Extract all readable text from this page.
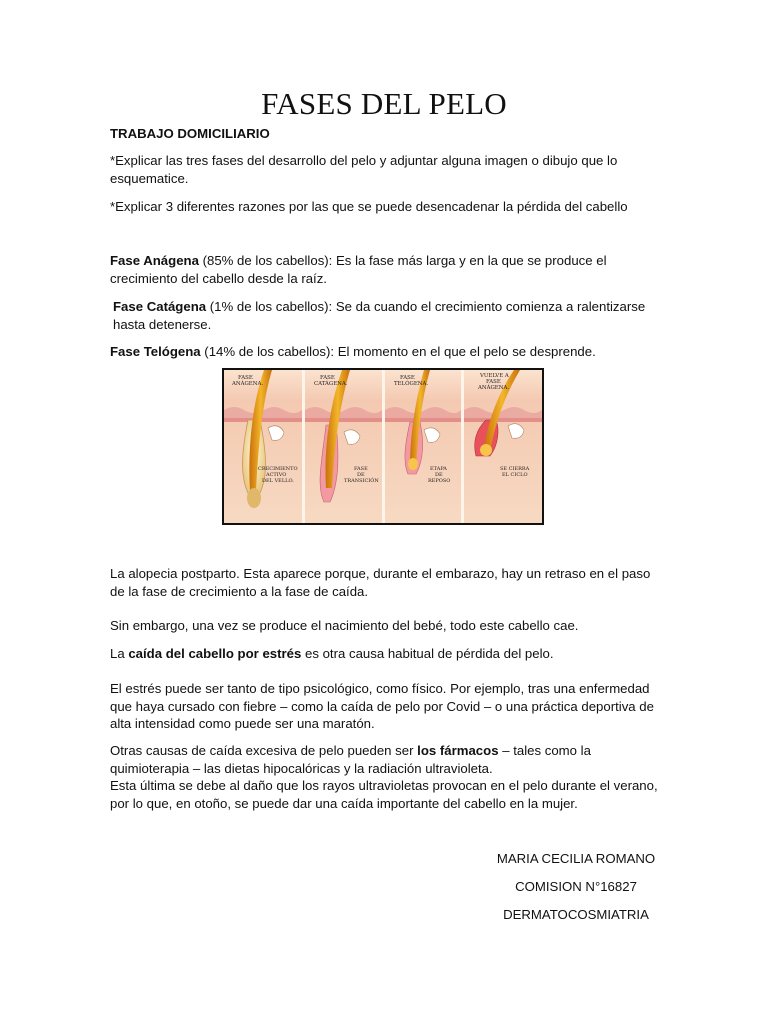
FASES DEL PELO

TRABAJO DOMICILIARIO

*Explicar las tres fases del desarrollo del pelo y adjuntar alguna imagen o dibujo que lo esquematice.

*Explicar 3 diferentes razones por las que se puede desencadenar la pérdida del cabello

Fase Anágena (85% de los cabellos): Es la fase más larga y en la que se produce el crecimiento del cabello desde la raíz.

Fase Catágena (1% de los cabellos): Se da cuando el crecimiento comienza a ralentizarse hasta detenerse.

Fase Telógena (14% de los cabellos): El momento en el que el pelo se desprende.

FASE ANÁGENA.
FASE CATÁGENA.
FASE TELÓGENA.
VUELVE A FASE ANÁGENA.
CRECIMIENTO ACTIVO DEL VELLO.
FASE DE TRANSICIÓN
ETAPA DE REPOSO
SE CIERRA EL CICLO

La alopecia postparto. Esta aparece porque, durante el embarazo, hay un retraso en el paso de la fase de crecimiento a la fase de caída.

Sin embargo, una vez se produce el nacimiento del bebé, todo este cabello cae.

La caída del cabello por estrés es otra causa habitual de pérdida del pelo.

El estrés puede ser tanto de tipo psicológico, como físico. Por ejemplo, tras una enfermedad que haya cursado con fiebre – como la caída de pelo por Covid – o una práctica deportiva de alta intensidad como puede ser una maratón.

Otras causas de caída excesiva de pelo pueden ser los fármacos – tales como la quimioterapia – las dietas hipocalóricas y la radiación ultravioleta.

Esta última se debe al daño que los rayos ultravioletas provocan en el pelo durante el verano, por lo que, en otoño, se puede dar una caída importante del cabello en la mujer.

MARIA CECILIA ROMANO
COMISION N°16827
DERMATOCOSMIATRIA
